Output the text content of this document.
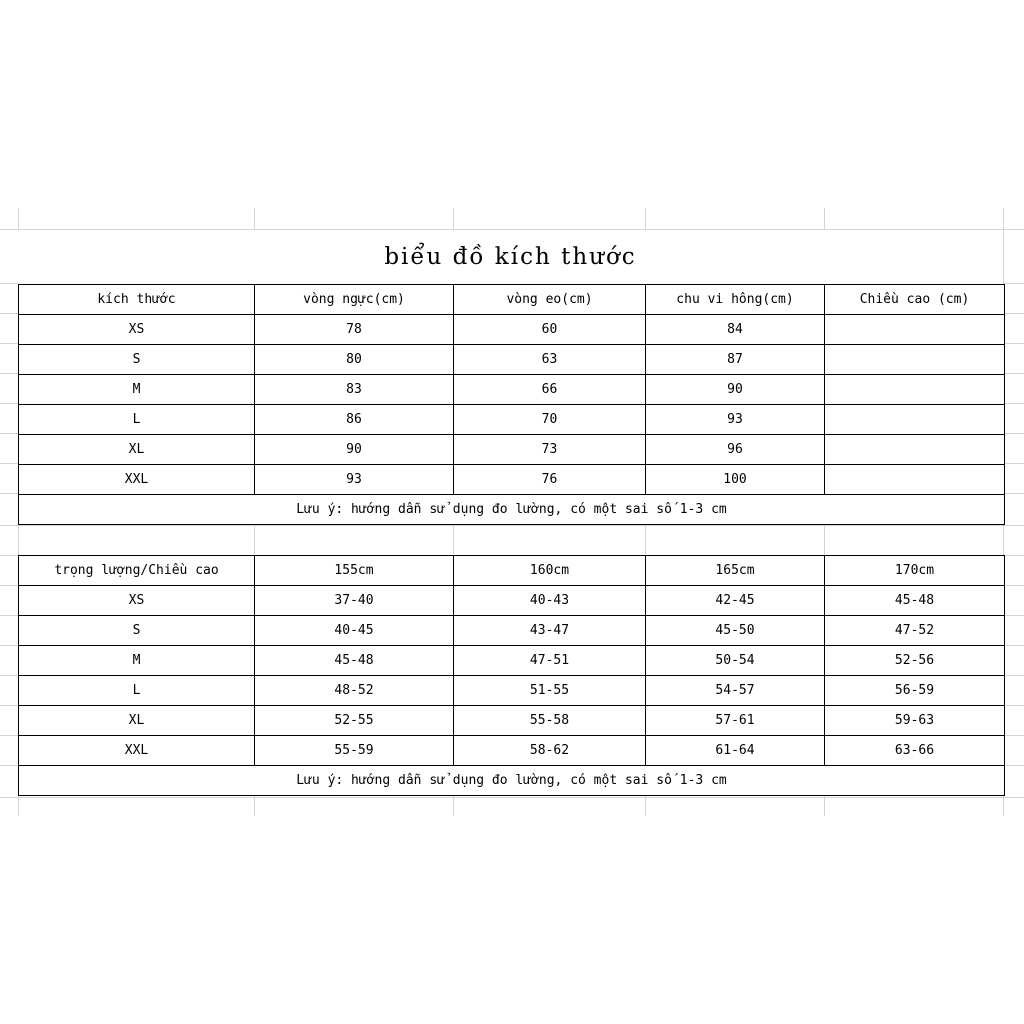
biểu đồ kích thước
kích thước	vòng ngực(cm)	vòng eo(cm)	chu vi hông(cm)	Chiều cao (cm)
XS	78	60	84	
S	80	63	87	
M	83	66	90	
L	86	70	93	
XL	90	73	96	
XXL	93	76	100	
Lưu ý: hướng dẫn sử dụng đo lường, có một sai số 1-3 cm				
trọng lượng/Chiều cao	155cm	160cm	165cm	170cm
XS	37-40	40-43	42-45	45-48
S	40-45	43-47	45-50	47-52
M	45-48	47-51	50-54	52-56
L	48-52	51-55	54-57	56-59
XL	52-55	55-58	57-61	59-63
XXL	55-59	58-62	61-64	63-66
Lưu ý: hướng dẫn sử dụng đo lường, có một sai số 1-3 cm				
